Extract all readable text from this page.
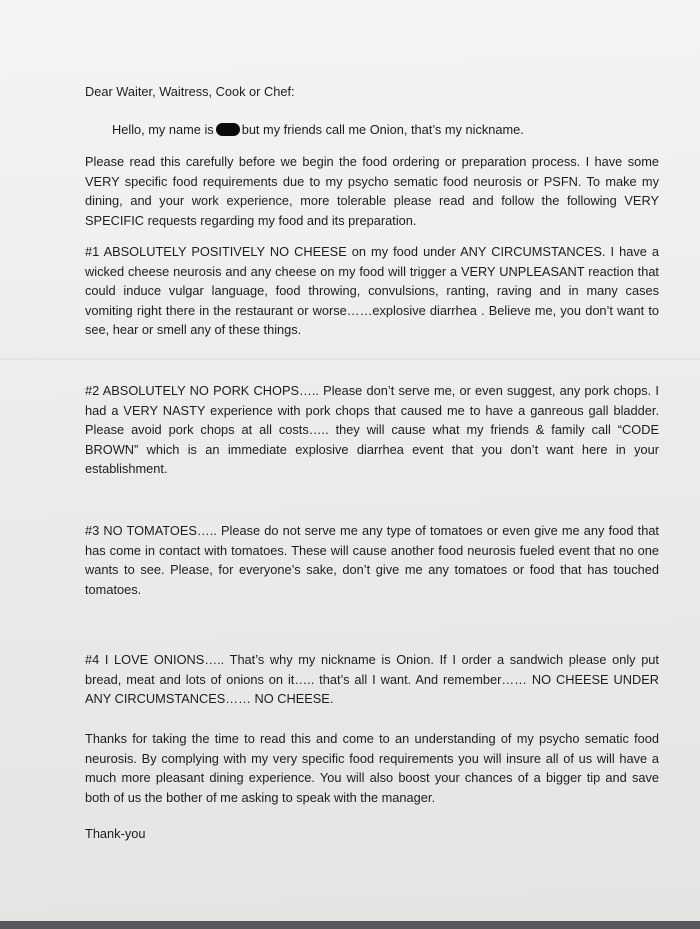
Dear Waiter, Waitress, Cook or Chef:

Hello, my name is but my friends call me Onion, that’s my nickname.

Please read this carefully before we begin the food ordering or preparation process. I have some VERY specific food requirements due to my psycho sematic food neurosis or PSFN. To make my dining, and your work experience, more tolerable please read and follow the following VERY SPECIFIC requests regarding my food and its preparation.

#1 ABSOLUTELY POSITIVELY NO CHEESE on my food under ANY CIRCUMSTANCES. I have a wicked cheese neurosis and any cheese on my food will trigger a VERY UNPLEASANT reaction that could induce vulgar language, food throwing, convulsions, ranting, raving and in many cases vomiting right there in the restaurant or worse……explosive diarrhea . Believe me, you don’t want to see, hear or smell any of these things.

#2 ABSOLUTELY NO PORK CHOPS….. Please don’t serve me, or even suggest, any pork chops. I had a VERY NASTY experience with pork chops that caused me to have a ganreous gall bladder. Please avoid pork chops at all costs….. they will cause what my friends & family call “CODE BROWN” which is an immediate explosive diarrhea event that you don’t want here in your establishment.

#3 NO TOMATOES….. Please do not serve me any type of tomatoes or even give me any food that has come in contact with tomatoes. These will cause another food neurosis fueled event that no one wants to see. Please, for everyone’s sake, don’t give me any tomatoes or food that has touched tomatoes.

#4 I LOVE ONIONS….. That’s why my nickname is Onion. If I order a sandwich please only put bread, meat and lots of onions on it….. that’s all I want. And remember…… NO CHEESE UNDER ANY CIRCUMSTANCES…… NO CHEESE.

Thanks for taking the time to read this and come to an understanding of my psycho sematic food neurosis. By complying with my very specific food requirements you will insure all of us will have a much more pleasant dining experience. You will also boost your chances of a bigger tip and save both of us the bother of me asking to speak with the manager.

Thank-you
